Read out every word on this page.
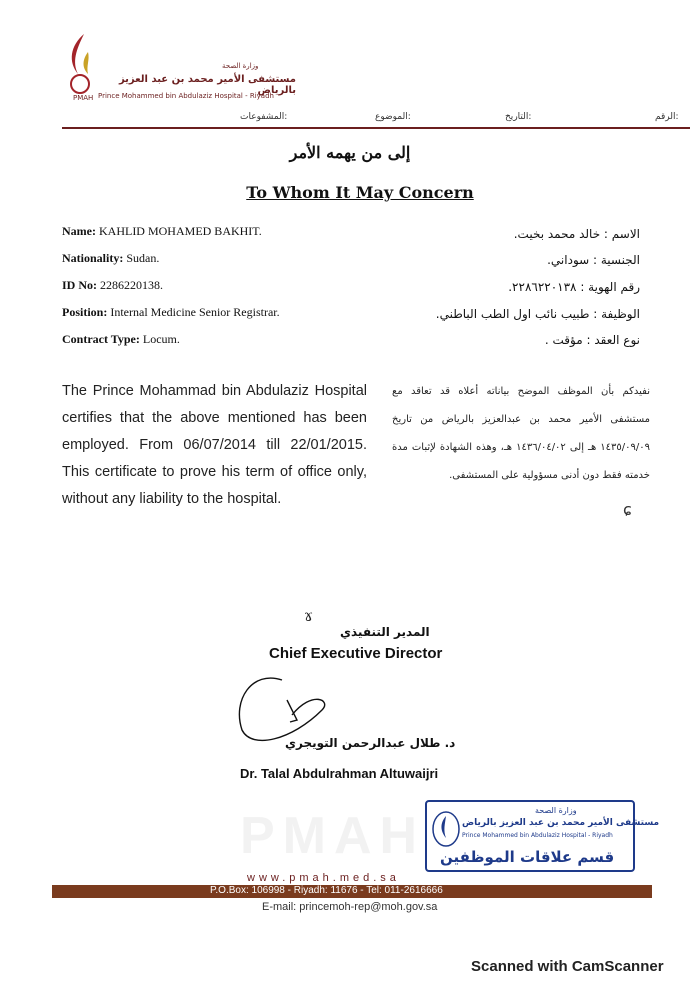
PMAH
وزارة الصحة
مستشفى الأمير محمد بن عبد العزيز بالرياض
Prince Mohammed bin Abdulaziz Hospital - Riyadh
المشفوعات:	الموضوع:	التاريخ:	الرقم:
إلى من يهمه الأمر
To Whom It May Concern
Name: KAHLID MOHAMED BAKHIT.
Nationality: Sudan.
ID No: 2286220138.
Position: Internal Medicine Senior Registrar.
Contract Type: Locum.
الاسم : خالد محمد بخيت.
الجنسية : سوداني.
رقم الهوية : ٢٢٨٦٢٢٠١٣٨.
الوظيفة : طبيب نائب اول الطب الباطني.
نوع العقد : مؤقت .
The Prince Mohammad bin Abdulaziz Hospital certifies that the above mentioned has been employed. From 06/07/2014 till 22/01/2015. This certificate to prove his term of office only, without any liability to the hospital.
نفيدكم بأن الموظف الموضح بياناته أعلاه قد تعاقد مع مستشفى الأمير محمد بن عبدالعزيز بالرياض من تاريخ ١٤٣٥/٠٩/٠٩ هـ إلى ١٤٣٦/٠٤/٠٢ هـ، وهذه الشهادة لإثبات مدة خدمته فقط دون أدنى مسؤولية على المستشفى.
ɕ
المدير التنفيذي
ɤ
Chief Executive Director
د. طلال عبدالرحمن التويجري
Dr. Talal Abdulrahman Altuwaijri
PMAH	وزارة الصحة
مستشفى الأمير محمد بن عبد العزيز بالرياض
Prince Mohammed bin Abdulaziz Hospital - Riyadh
قسم علاقات الموظفين
www.pmah.med.sa
P.O.Box: 106998 - Riyadh: 11676 - Tel: 011-2616666
E-mail: princemoh-rep@moh.gov.sa
Scanned with CamScanner
